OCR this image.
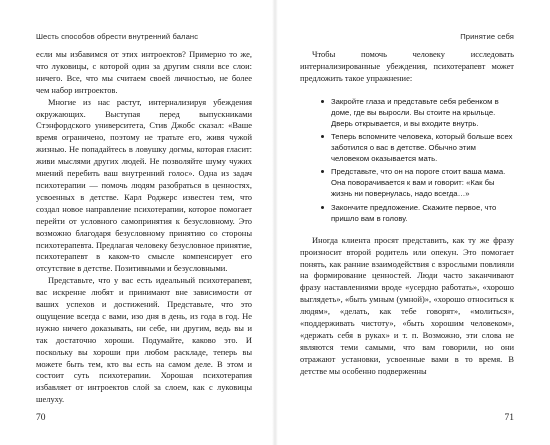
Шесть способов обрести внутренний баланс

если мы избавимся от этих интроектов? Примерно то же, что луковицы, с которой один за другим сняли все слои: ничего. Все, что мы считаем своей личностью, не более чем набор интроектов.

Многие из нас растут, интернализируя убеждения окружающих. Выступая перед выпускниками Стэнфордского университета, Стив Джобс сказал: «Ваше время ограничено, поэтому не тратьте его, живя чужой жизнью. Не попадайтесь в ловушку догмы, которая гласит: живи мыслями других людей. Не позволяйте шуму чужих мнений перебить ваш внутренний голос». Одна из задач психотерапии — помочь людям разобраться в ценностях, усвоенных в детстве. Карл Роджерс известен тем, что создал новое направление психотерапии, которое помогает перейти от условного самопринятия к безусловному. Это возможно благодаря безусловному принятию со стороны психотерапевта. Предлагая человеку безусловное принятие, психотерапевт в каком-то смысле компенсирует его отсутствие в детстве. Позитивными и безусловными.

Представьте, что у вас есть идеальный психотерапевт, вас искренне любят и принимают вне зависимости от ваших успехов и достижений. Представьте, что это ощущение всегда с вами, изо дня в день, из года в год. Не нужно ничего доказывать, ни себе, ни другим, ведь вы и так достаточно хороши. Подумайте, каково это. И поскольку вы хороши при любом раскладе, теперь вы можете быть тем, кто вы есть на самом деле. В этом и состоит суть психотерапии. Хорошая психотерапия избавляет от интроектов слой за слоем, как с луковицы шелуху.

70
Принятие себя

Чтобы помочь человеку исследовать интернализированные убеждения, психотерапевт может предложить такое упражнение:

Закройте глаза и представьте себя ребенком в доме, где вы выросли. Вы стоите на крыльце. Дверь открывается, и вы входите внутрь.
Теперь вспомните человека, который больше всех заботился о вас в детстве. Обычно этим человеком оказывается мать.
Представьте, что он на пороге стоит ваша мама. Она поворачивается к вам и говорит: «Как бы жизнь ни повернулась, надо всегда…»
Закончите предложение. Скажите первое, что пришло вам в голову.

Иногда клиента просят представить, как ту же фразу произносит второй родитель или опекун. Это помогает понять, как ранние взаимодействия с взрослыми повлияли на формирование ценностей. Люди часто заканчивают фразу наставлениями вроде «усердно работать», «хорошо выглядеть», «быть умным (умной)», «хорошо относиться к людям», «делать, как тебе говорят», «молиться», «поддерживать чистоту», «быть хорошим человеком», «держать себя в руках» и т. п. Возможно, эти слова не являются теми самыми, что вам говорили, но они отражают установки, усвоенные вами в то время. В детстве мы особенно подверженны

71
